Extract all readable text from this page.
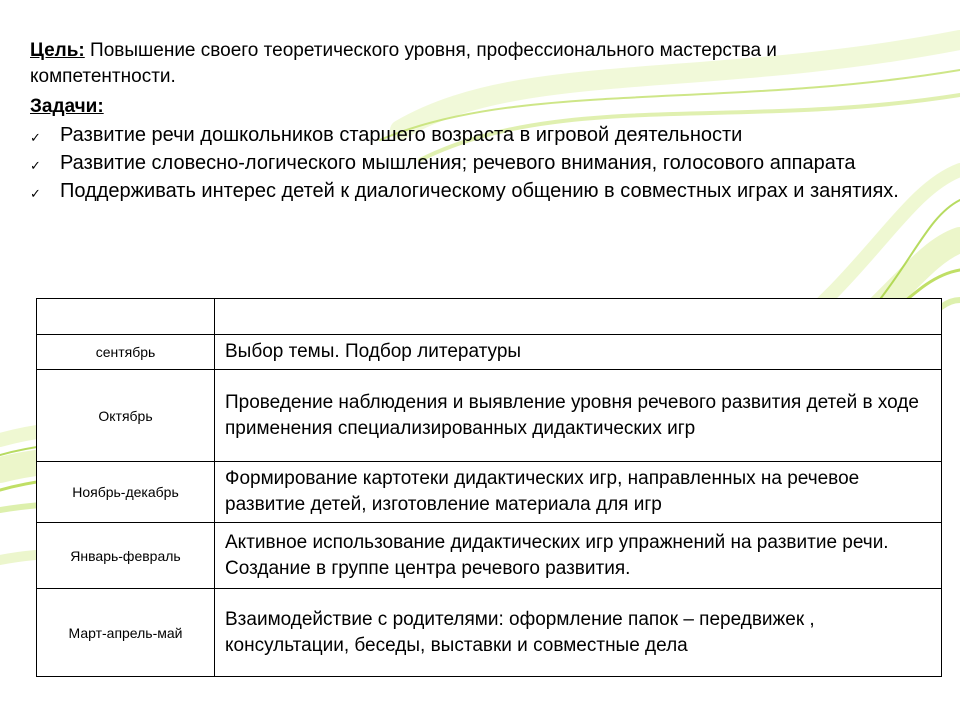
Цель: Повышение своего теоретического уровня, профессионального мастерства и      компетентности.
Задачи:
✓ Развитие речи дошкольников старшего возраста в игровой деятельности
✓ Развитие словесно-логического мышления; речевого внимания, голосового аппарата
✓ Поддерживать интерес детей к диалогическому общению в совместных играх и занятиях.

сентябрь	Выбор темы. Подбор литературы
Октябрь	Проведение наблюдения и выявление уровня речевого развития детей в ходе применения специализированных дидактических игр
Ноябрь-декабрь	Формирование картотеки дидактических игр, направленных на речевое развитие детей, изготовление материала для игр
Январь-февраль	Активное использование дидактических игр упражнений на развитие речи. Создание в группе центра речевого развития.
Март-апрель-май	Взаимодействие с родителями: оформление папок – передвижек , консультации, беседы, выставки и совместные дела
